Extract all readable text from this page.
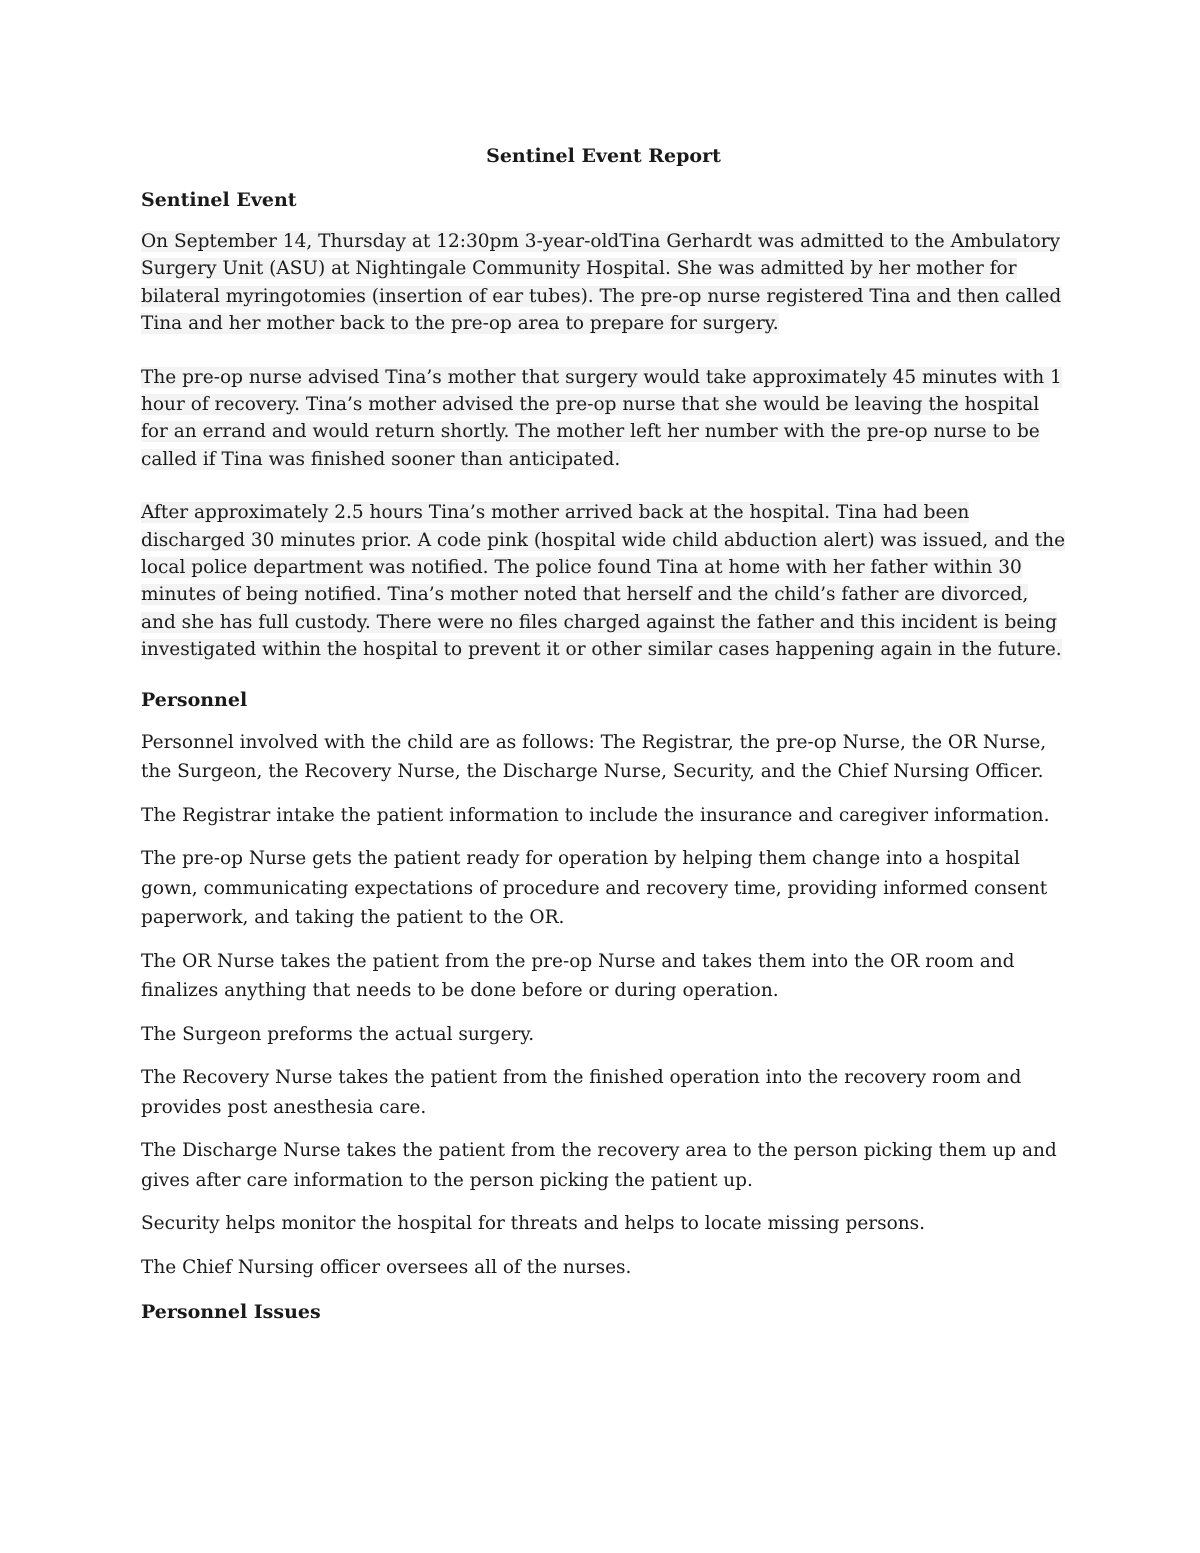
Sentinel Event Report
Sentinel Event

On September 14, Thursday at 12:30pm 3-year-oldTina Gerhardt was admitted to the Ambulatory Surgery Unit (ASU) at Nightingale Community Hospital. She was admitted by her mother for bilateral myringotomies (insertion of ear tubes). The pre-op nurse registered Tina and then called Tina and her mother back to the pre-op area to prepare for surgery.

The pre-op nurse advised Tina’s mother that surgery would take approximately 45 minutes with 1 hour of recovery. Tina’s mother advised the pre-op nurse that she would be leaving the hospital for an errand and would return shortly. The mother left her number with the pre-op nurse to be called if Tina was finished sooner than anticipated.

After approximately 2.5 hours Tina’s mother arrived back at the hospital. Tina had been discharged 30 minutes prior. A code pink (hospital wide child abduction alert) was issued, and the local police department was notified. The police found Tina at home with her father within 30 minutes of being notified. Tina’s mother noted that herself and the child’s father are divorced, and she has full custody. There were no files charged against the father and this incident is being investigated within the hospital to prevent it or other similar cases happening again in the future.

Personnel

Personnel involved with the child are as follows: The Registrar, the pre-op Nurse, the OR Nurse, the Surgeon, the Recovery Nurse, the Discharge Nurse, Security, and the Chief Nursing Officer.

The Registrar intake the patient information to include the insurance and caregiver information.

The pre-op Nurse gets the patient ready for operation by helping them change into a hospital gown, communicating expectations of procedure and recovery time, providing informed consent paperwork, and taking the patient to the OR.

The OR Nurse takes the patient from the pre-op Nurse and takes them into the OR room and finalizes anything that needs to be done before or during operation.

The Surgeon preforms the actual surgery.

The Recovery Nurse takes the patient from the finished operation into the recovery room and provides post anesthesia care.

The Discharge Nurse takes the patient from the recovery area to the person picking them up and gives after care information to the person picking the patient up.

Security helps monitor the hospital for threats and helps to locate missing persons.

The Chief Nursing officer oversees all of the nurses.

Personnel Issues
